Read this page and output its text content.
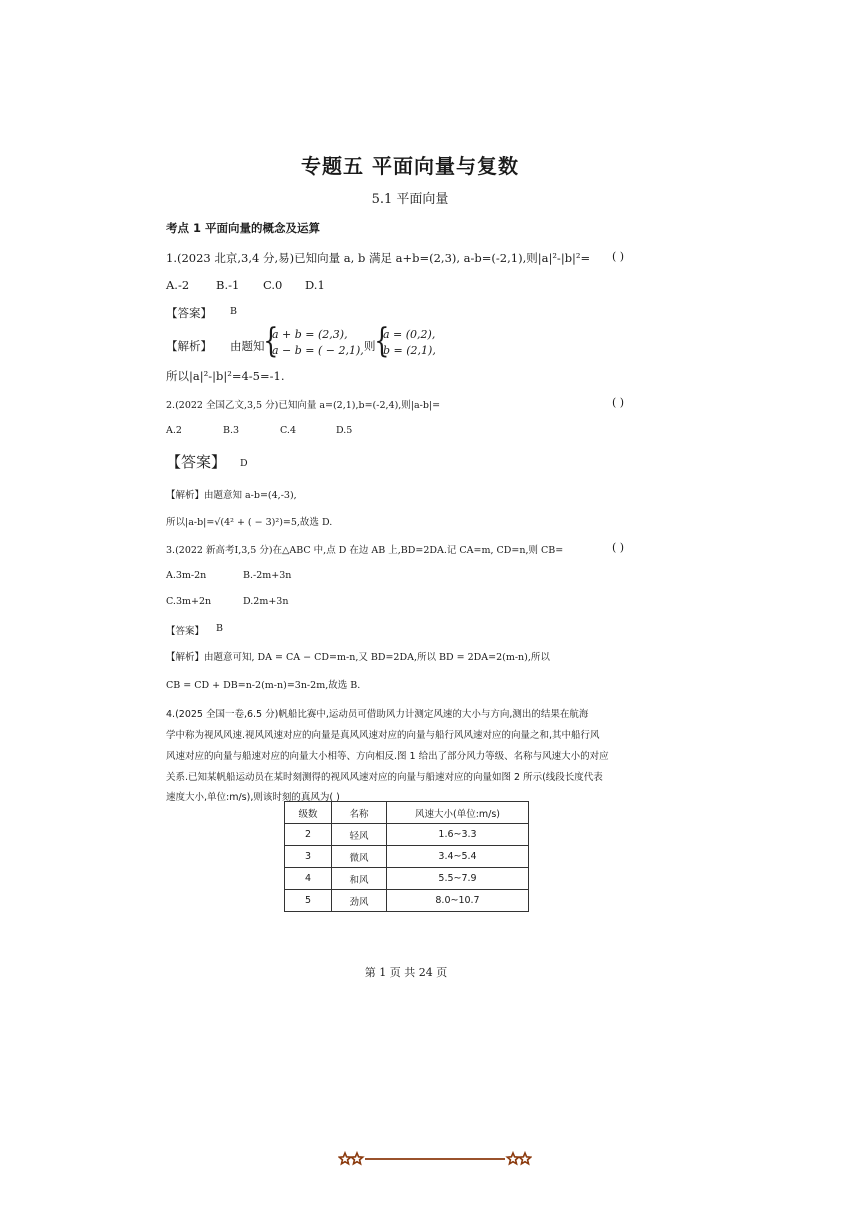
专题五 平面向量与复数
5.1 平面向量
考点 1 平面向量的概念及运算
1.(2023 北京,3,4 分,易)已知向量 a, b 满足 a+b=(2,3), a-b=(-2,1),则|a|²-|b|²= ( )
A.-2 B.-1 C.0 D.1
【答案】 B
【解析】 由题知
{
a + b = (2,3),
a − b = ( − 2,1), 则
{
a = (0,2),
b = (2,1),
所以|a|²-|b|²=4-5=-1.
2.(2022 全国乙文,3,5 分)已知向量 a=(2,1),b=(-2,4),则|a-b|=	( )
A.2	B.3	C.4	D.5
【答案】 D
【解析】由题意知 a-b=(4,-3),
所以|a-b|=√(4² + ( − 3)²)=5,故选 D.
3.(2022 新高考Ⅰ,3,5 分)在△ABC 中,点 D 在边 AB 上,BD=2DA.记 CA=m, CD=n,则 CB=	( )
A.3m-2n	B.-2m+3n
C.3m+2n	D.2m+3n
【答案】 B
【解析】由题意可知, DA = CA − CD=m-n,又 BD=2DA,所以 BD = 2DA=2(m-n),所以
CB = CD + DB=n-2(m-n)=3n-2m,故选 B.
4.(2025 全国一卷,6.5 分)帆船比赛中,运动员可借助风力计测定风速的大小与方向,测出的结果在航海
学中称为视风风速.视风风速对应的向量是真风风速对应的向量与船行风风速对应的向量之和,其中船行风
风速对应的向量与船速对应的向量大小相等、方向相反.图 1 给出了部分风力等级、名称与风速大小的对应
关系.已知某帆船运动员在某时刻测得的视风风速对应的向量与船速对应的向量如图 2 所示(线段长度代表
速度大小,单位:m/s),则该时刻的真风为( )
级数	名称	风速大小(单位:m/s)
2	轻风	1.6~3.3
3	微风	3.4~5.4
4	和风	5.5~7.9
5	劲风	8.0~10.7
第 1 页 共 24 页
